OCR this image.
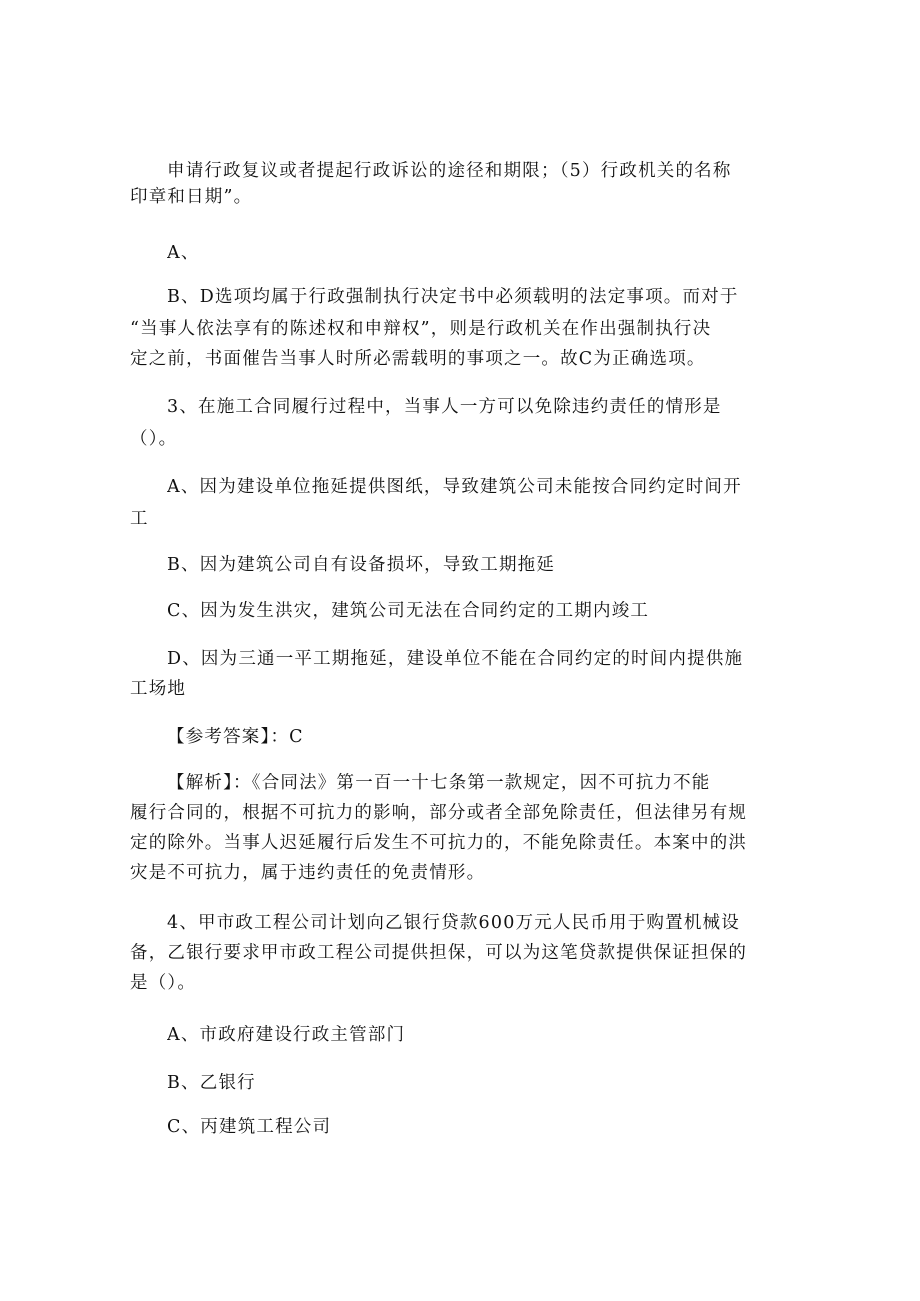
申请行政复议或者提起行政诉讼的途径和期限；（5）行政机关的名称
印章和日期”。
A、
B、D选项均属于行政强制执行决定书中必须载明的法定事项。而对于
“当事人依法享有的陈述权和申辩权”，则是行政机关在作出强制执行决
定之前，书面催告当事人时所必需载明的事项之一。故C为正确选项。
3、在施工合同履行过程中，当事人一方可以免除违约责任的情形是
（）。
A、因为建设单位拖延提供图纸，导致建筑公司未能按合同约定时间开
工
B、因为建筑公司自有设备损坏，导致工期拖延
C、因为发生洪灾，建筑公司无法在合同约定的工期内竣工
D、因为三通一平工期拖延，建设单位不能在合同约定的时间内提供施
工场地
【参考答案】：C
【解析】：《合同法》第一百一十七条第一款规定，因不可抗力不能
履行合同的，根据不可抗力的影响，部分或者全部免除责任，但法律另有规
定的除外。当事人迟延履行后发生不可抗力的，不能免除责任。本案中的洪
灾是不可抗力，属于违约责任的免责情形。
4、甲市政工程公司计划向乙银行贷款600万元人民币用于购置机械设
备，乙银行要求甲市政工程公司提供担保，可以为这笔贷款提供保证担保的
是（）。
A、市政府建设行政主管部门
B、乙银行
C、丙建筑工程公司
